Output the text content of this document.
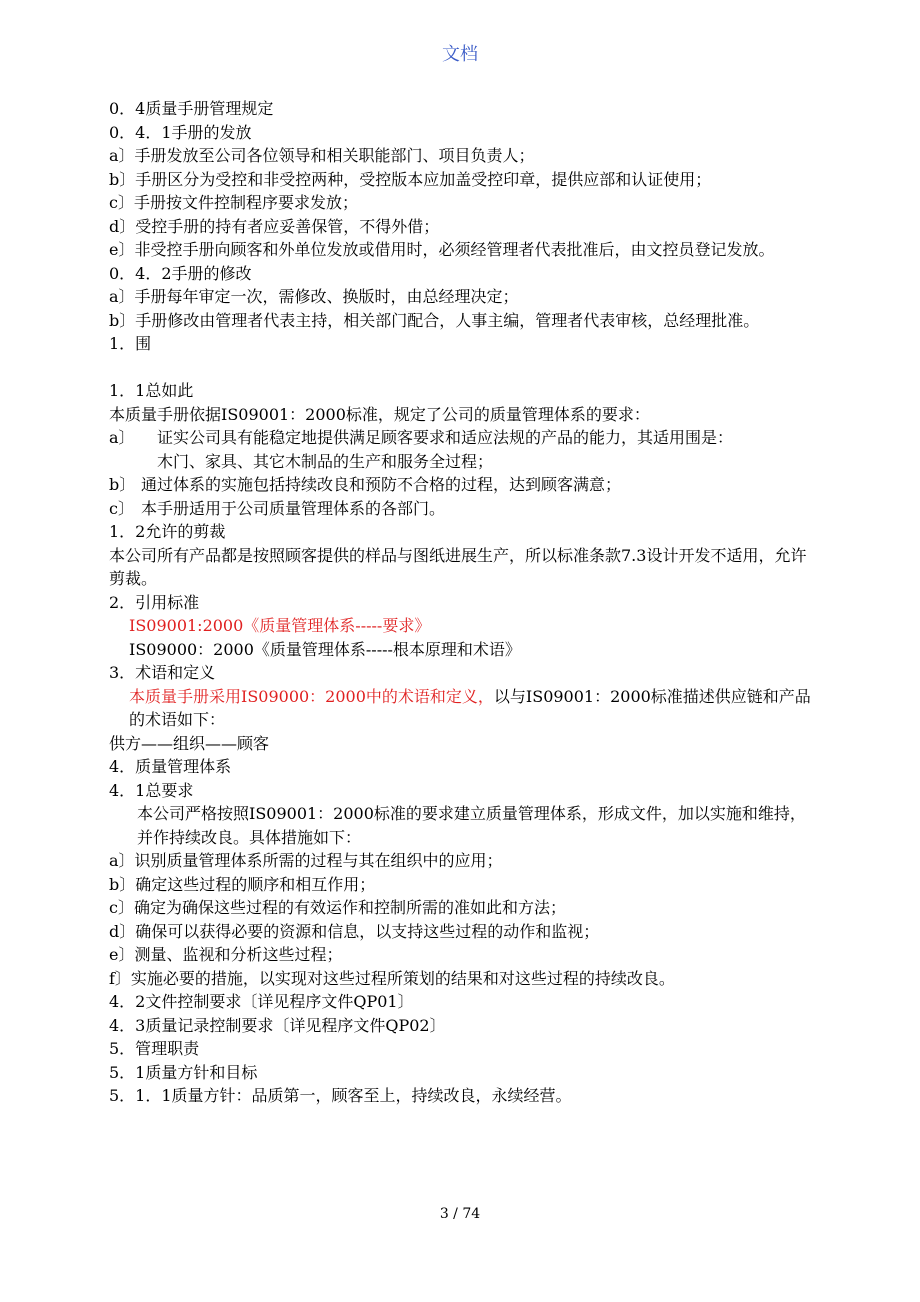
文档

0．4质量手册管理规定

0．4．1手册的发放

a〕手册发放至公司各位领导和相关职能部门、项目负责人；

b〕手册区分为受控和非受控两种，受控版本应加盖受控印章，提供应部和认证使用；

c〕手册按文件控制程序要求发放；

d〕受控手册的持有者应妥善保管，不得外借；

e〕非受控手册向顾客和外单位发放或借用时，必须经管理者代表批准后，由文控员登记发放。

0．4．2手册的修改

a〕手册每年审定一次，需修改、换版时，由总经理决定；

b〕手册修改由管理者代表主持，相关部门配合，人事主编，管理者代表审核，总经理批准。

1．围

1．1总如此

本质量手册依据IS09001：2000标准，规定了公司的质量管理体系的要求：

a〕	证实公司具有能稳定地提供满足顾客要求和适应法规的产品的能力，其适用围是：

木门、家具、其它木制品的生产和服务全过程；

b〕 通过体系的实施包括持续改良和预防不合格的过程，达到顾客满意；
c〕 本手册适用于公司质量管理体系的各部门。

1．2允许的剪裁

本公司所有产品都是按照顾客提供的样品与图纸进展生产，所以标准条款7.3设计开发不适用，允许剪裁。

2．引用标准

IS09001:2000《质量管理体系-----要求》

IS09000：2000《质量管理体系-----根本原理和术语》

3．术语和定义

本质量手册采用IS09000：2000中的术语和定义，以与IS09001：2000标准描述供应链和产品的术语如下：

供方——组织——顾客

4．质量管理体系

4．1总要求

本公司严格按照IS09001：2000标准的要求建立质量管理体系，形成文件，加以实施和维持，并作持续改良。具体措施如下：

a〕识别质量管理体系所需的过程与其在组织中的应用；

b〕确定这些过程的顺序和相互作用；

c〕确定为确保这些过程的有效运作和控制所需的准如此和方法；

d〕确保可以获得必要的资源和信息，以支持这些过程的动作和监视；

e〕测量、监视和分析这些过程；

f〕实施必要的措施，以实现对这些过程所策划的结果和对这些过程的持续改良。

4．2文件控制要求〔详见程序文件QP01〕

4．3质量记录控制要求〔详见程序文件QP02〕

5．管理职责

5．1质量方针和目标

5．1．1质量方针：品质第一，顾客至上，持续改良，永续经营。

3 / 74
